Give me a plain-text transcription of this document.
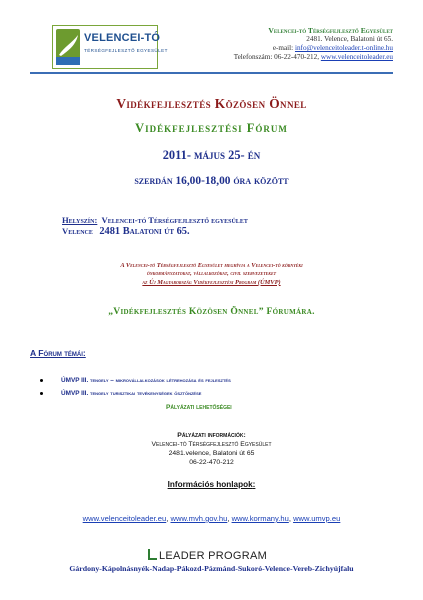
VELENCEI-TÓ
TÉRSÉGFEJLESZTŐ EGYESÜLET
Velencei-tó Térségfejlesztő Egyesület
2481. Velence, Balatoni út 65.
e-mail: info@velenceitoleader.t-online.hu
Telefonszám: 06-22-470-212, www.velenceitoleader.eu
Vidékfejlesztés Közösen Önnel
Vidékfejlesztési Fórum
2011- május 25- én
szerdán 16,00-18,00 óra között
Helyszín: Velencei-tó Térségfejlesztő egyesület
Velence 2481 Balatoni út 65.
A Velencei-tó Térségfejlesztő Egyesület meghívja a Velencei-tó környéki
önkormányzatokat, vállalkozókat, civil szervezeteket
az Új Magyarország Vidékfejlesztési Program (ÚMVP)
„Vidékfejlesztés Közösen Önnel” Fórumára.
A Fórum témái:
ÚMVP III. tengely – mikrovállalkozások létrehozása és fejlesztés
ÚMVP III. tengely turisztikai tevékenységek ösztönzése
Pályázati lehetőségei
Pályázati információk:
Velencei-tó Térségfejlesztő Egyesület
2481.velence, Balatoni út 65
06-22-470-212
Információs honlapok:
www.velenceitoleader.eu, www.mvh.gov.hu, www.kormany.hu, www.umvp.eu
LEADER PROGRAM
Gárdony-Kápolnásnyék-Nadap-Pákozd-Pázmánd-Sukoró-Velence-Vereb-Zichyújfalu
